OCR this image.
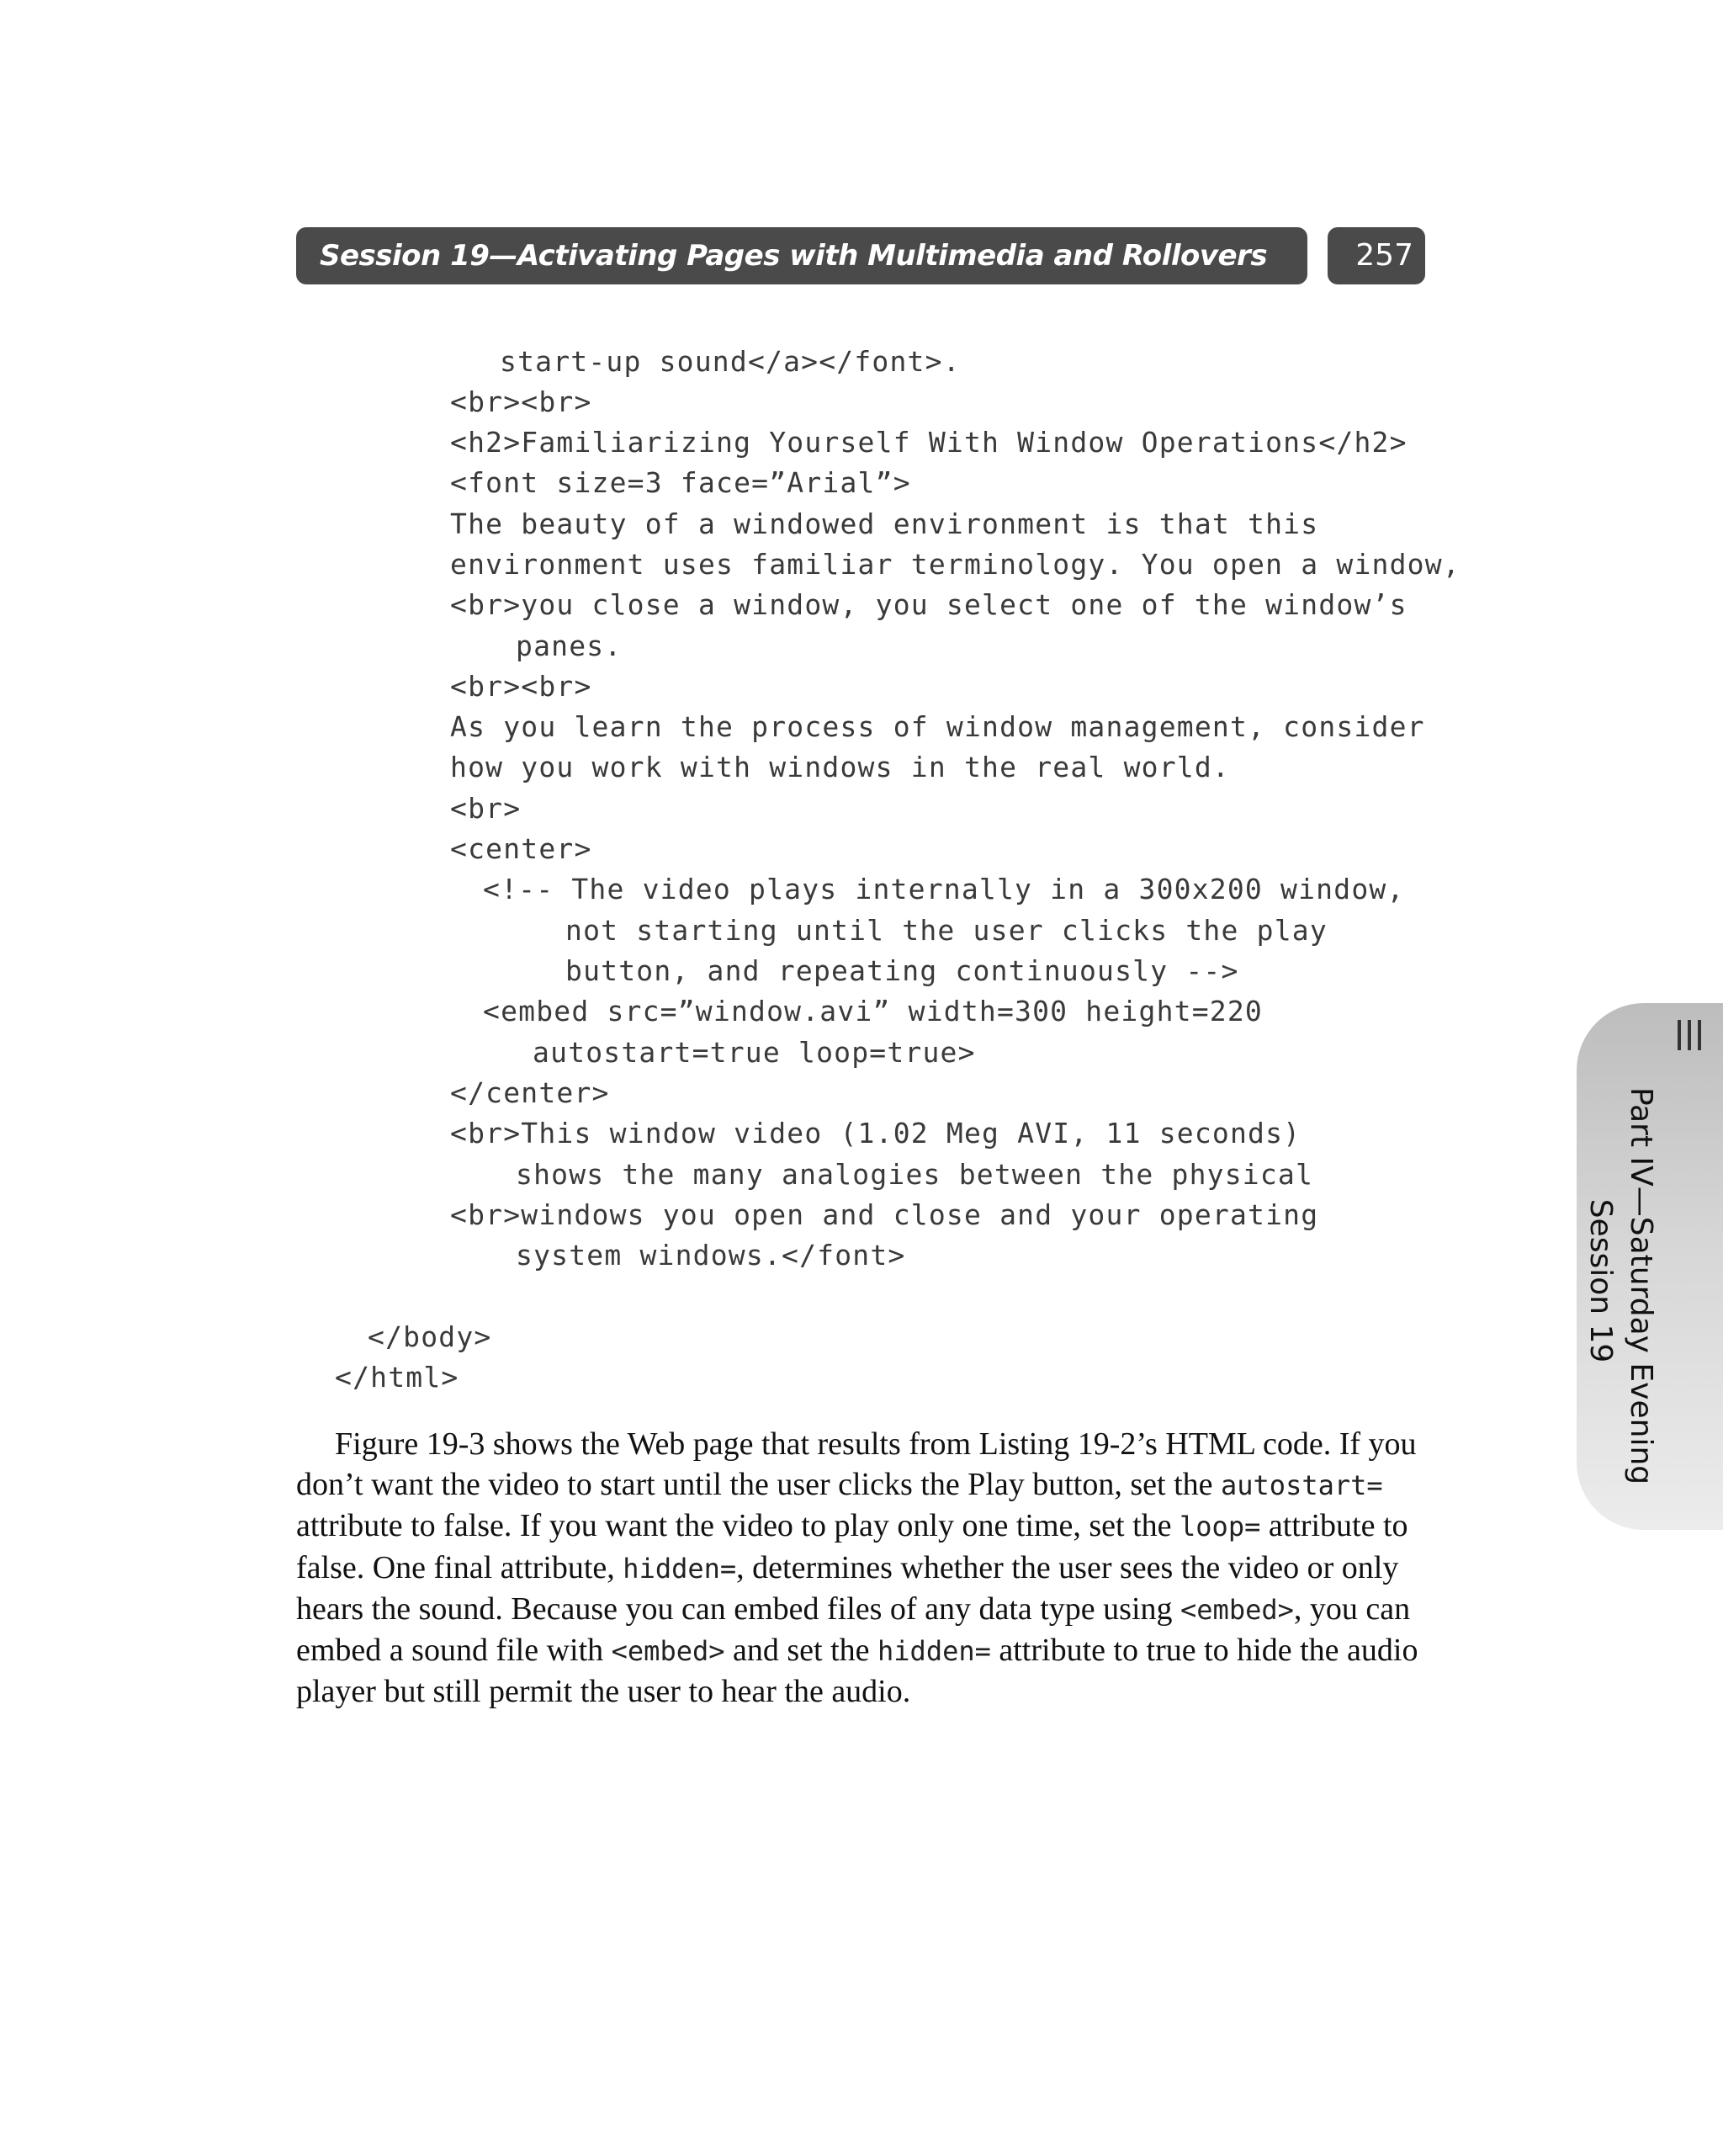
Session 19—Activating Pages with Multimedia and Rollovers	257
start-up sound</a></font>.
<br><br>
<h2>Familiarizing Yourself With Window Operations</h2>
<font size=3 face=”Arial”>
The beauty of a windowed environment is that this
environment uses familiar terminology. You open a window,
<br>you close a window, you select one of the window’s
panes.
<br><br>
As you learn the process of window management, consider
how you work with windows in the real world.
<br>
<center>
<!-- The video plays internally in a 300x200 window,
not starting until the user clicks the play
button, and repeating continuously -->
<embed src=”window.avi” width=300 height=220
autostart=true loop=true>
</center>
<br>This window video (1.02 Meg AVI, 11 seconds)
shows the many analogies between the physical
<br>windows you open and close and your operating
system windows.</font>
</body>
</html>

Figure 19-3 shows the Web page that results from Listing 19-2’s HTML code. If you don’t want the video to start until the user clicks the Play button, set the autostart= attribute to false. If you want the video to play only one time, set the loop= attribute to false. One final attribute, hidden=, determines whether the user sees the video or only hears the sound. Because you can embed files of any data type using <embed>, you can embed a sound file with <embed> and set the hidden= attribute to true to hide the audio player but still permit the user to hear the audio.

Part IV—Saturday Evening
Session 19
